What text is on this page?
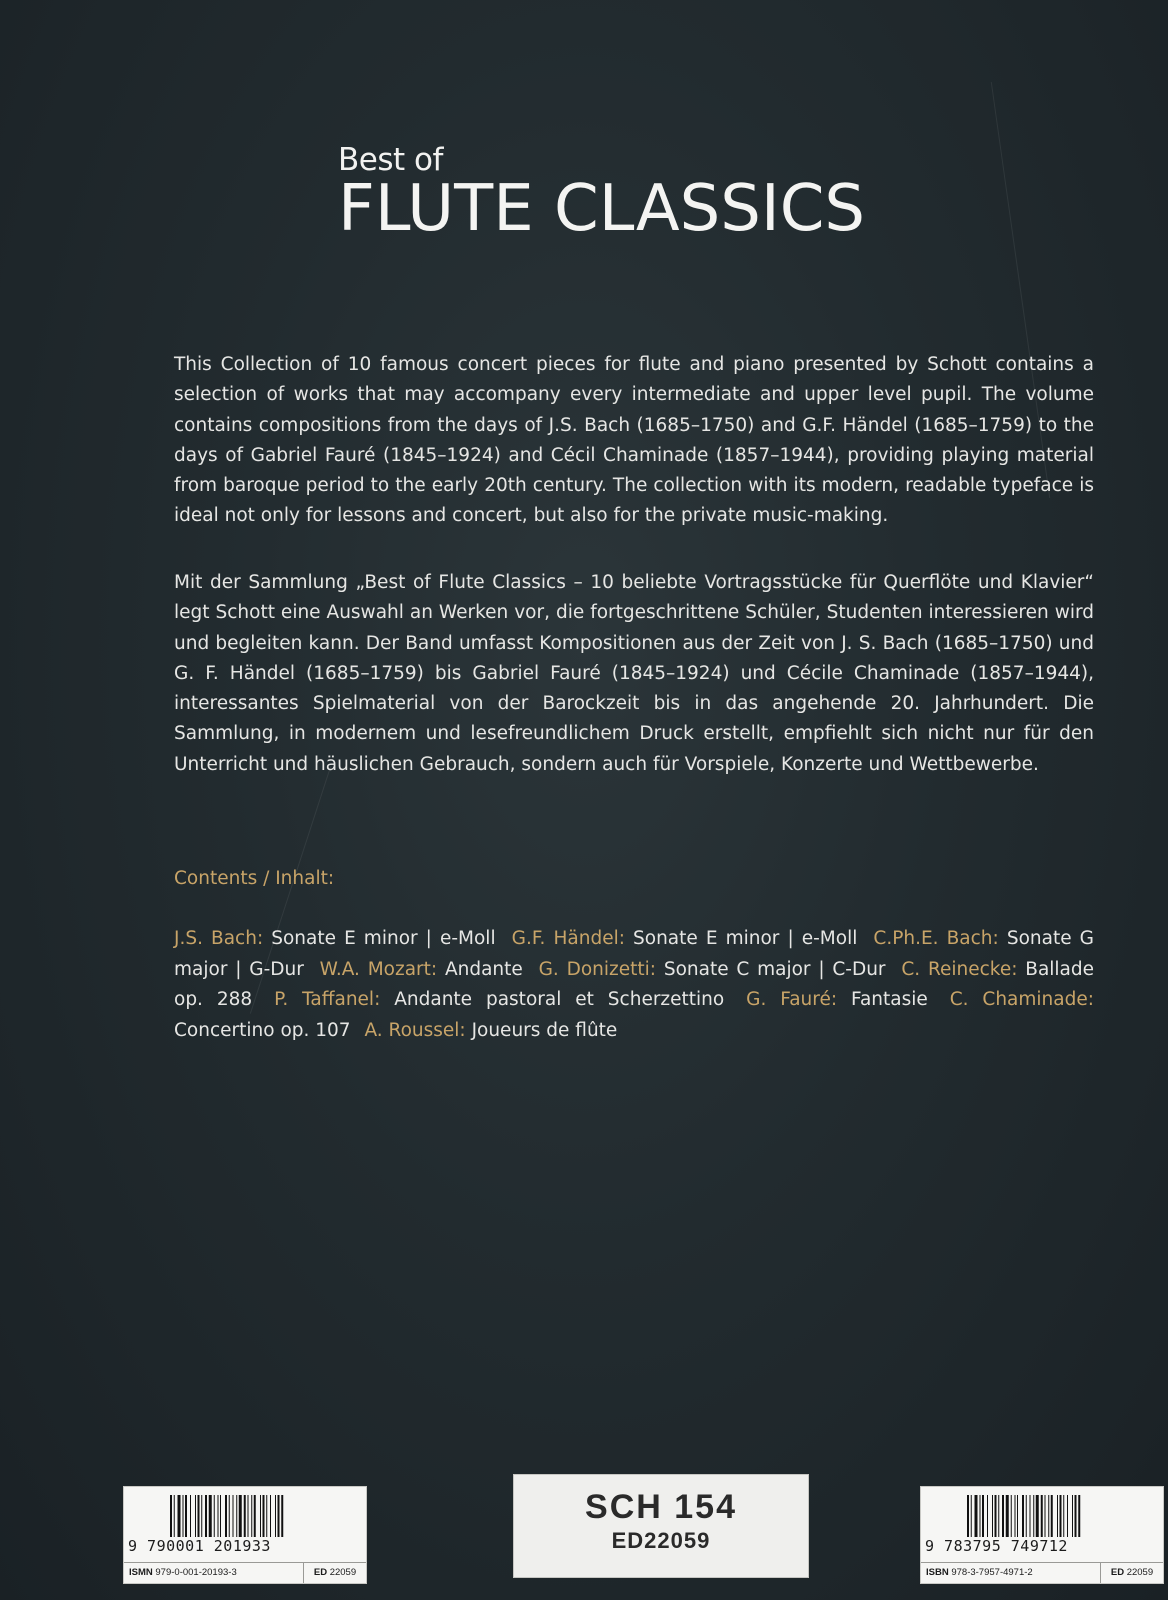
Best of
FLUTE CLASSICS
This Collection of 10 famous concert pieces for flute and piano presented by Schott contains a selection of works that may accompany every intermediate and upper level pupil. The volume contains compositions from the days of J.S. Bach (1685–1750) and G.F. Händel (1685–1759) to the days of Gabriel Fauré (1845–1924) and Cécil Chaminade (1857–1944), providing playing material from baroque period to the early 20th century. The collection with its modern, readable typeface is ideal not only for lessons and concert, but also for the private music-making.
Mit der Sammlung „Best of Flute Classics – 10 beliebte Vortragsstücke für Querflöte und Klavier“ legt Schott eine Auswahl an Werken vor, die fortgeschrittene Schüler, Studenten interessieren wird und begleiten kann. Der Band umfasst Kompositionen aus der Zeit von J. S. Bach (1685–1750) und G. F. Händel (1685–1759) bis Gabriel Fauré (1845–1924) und Cécile Chaminade (1857–1944), interessantes Spielmaterial von der Barockzeit bis in das angehende 20. Jahrhundert. Die Sammlung, in modernem und lesefreundlichem Druck erstellt, empfiehlt sich nicht nur für den Unterricht und häuslichen Gebrauch, sondern auch für Vorspiele, Konzerte und Wettbewerbe.
Contents / Inhalt:
J.S. Bach: Sonate E minor | e-Moll G.F. Händel: Sonate E minor | e-Moll C.Ph.E. Bach: Sonate G major | G-Dur W.A. Mozart: Andante G. Donizetti: Sonate C major | C-Dur C. Reinecke: Ballade op. 288 P. Taffanel: Andante pastoral et Scherzettino G. Fauré: Fantasie C. Chaminade: Concertino op. 107 A. Roussel: Joueurs de flûte
9 790001 201933
ISMN 979-0-001-20193-3	ED 22059
SCH 154
ED22059	9 783795 749712
ISBN 978-3-7957-4971-2	ED 22059
